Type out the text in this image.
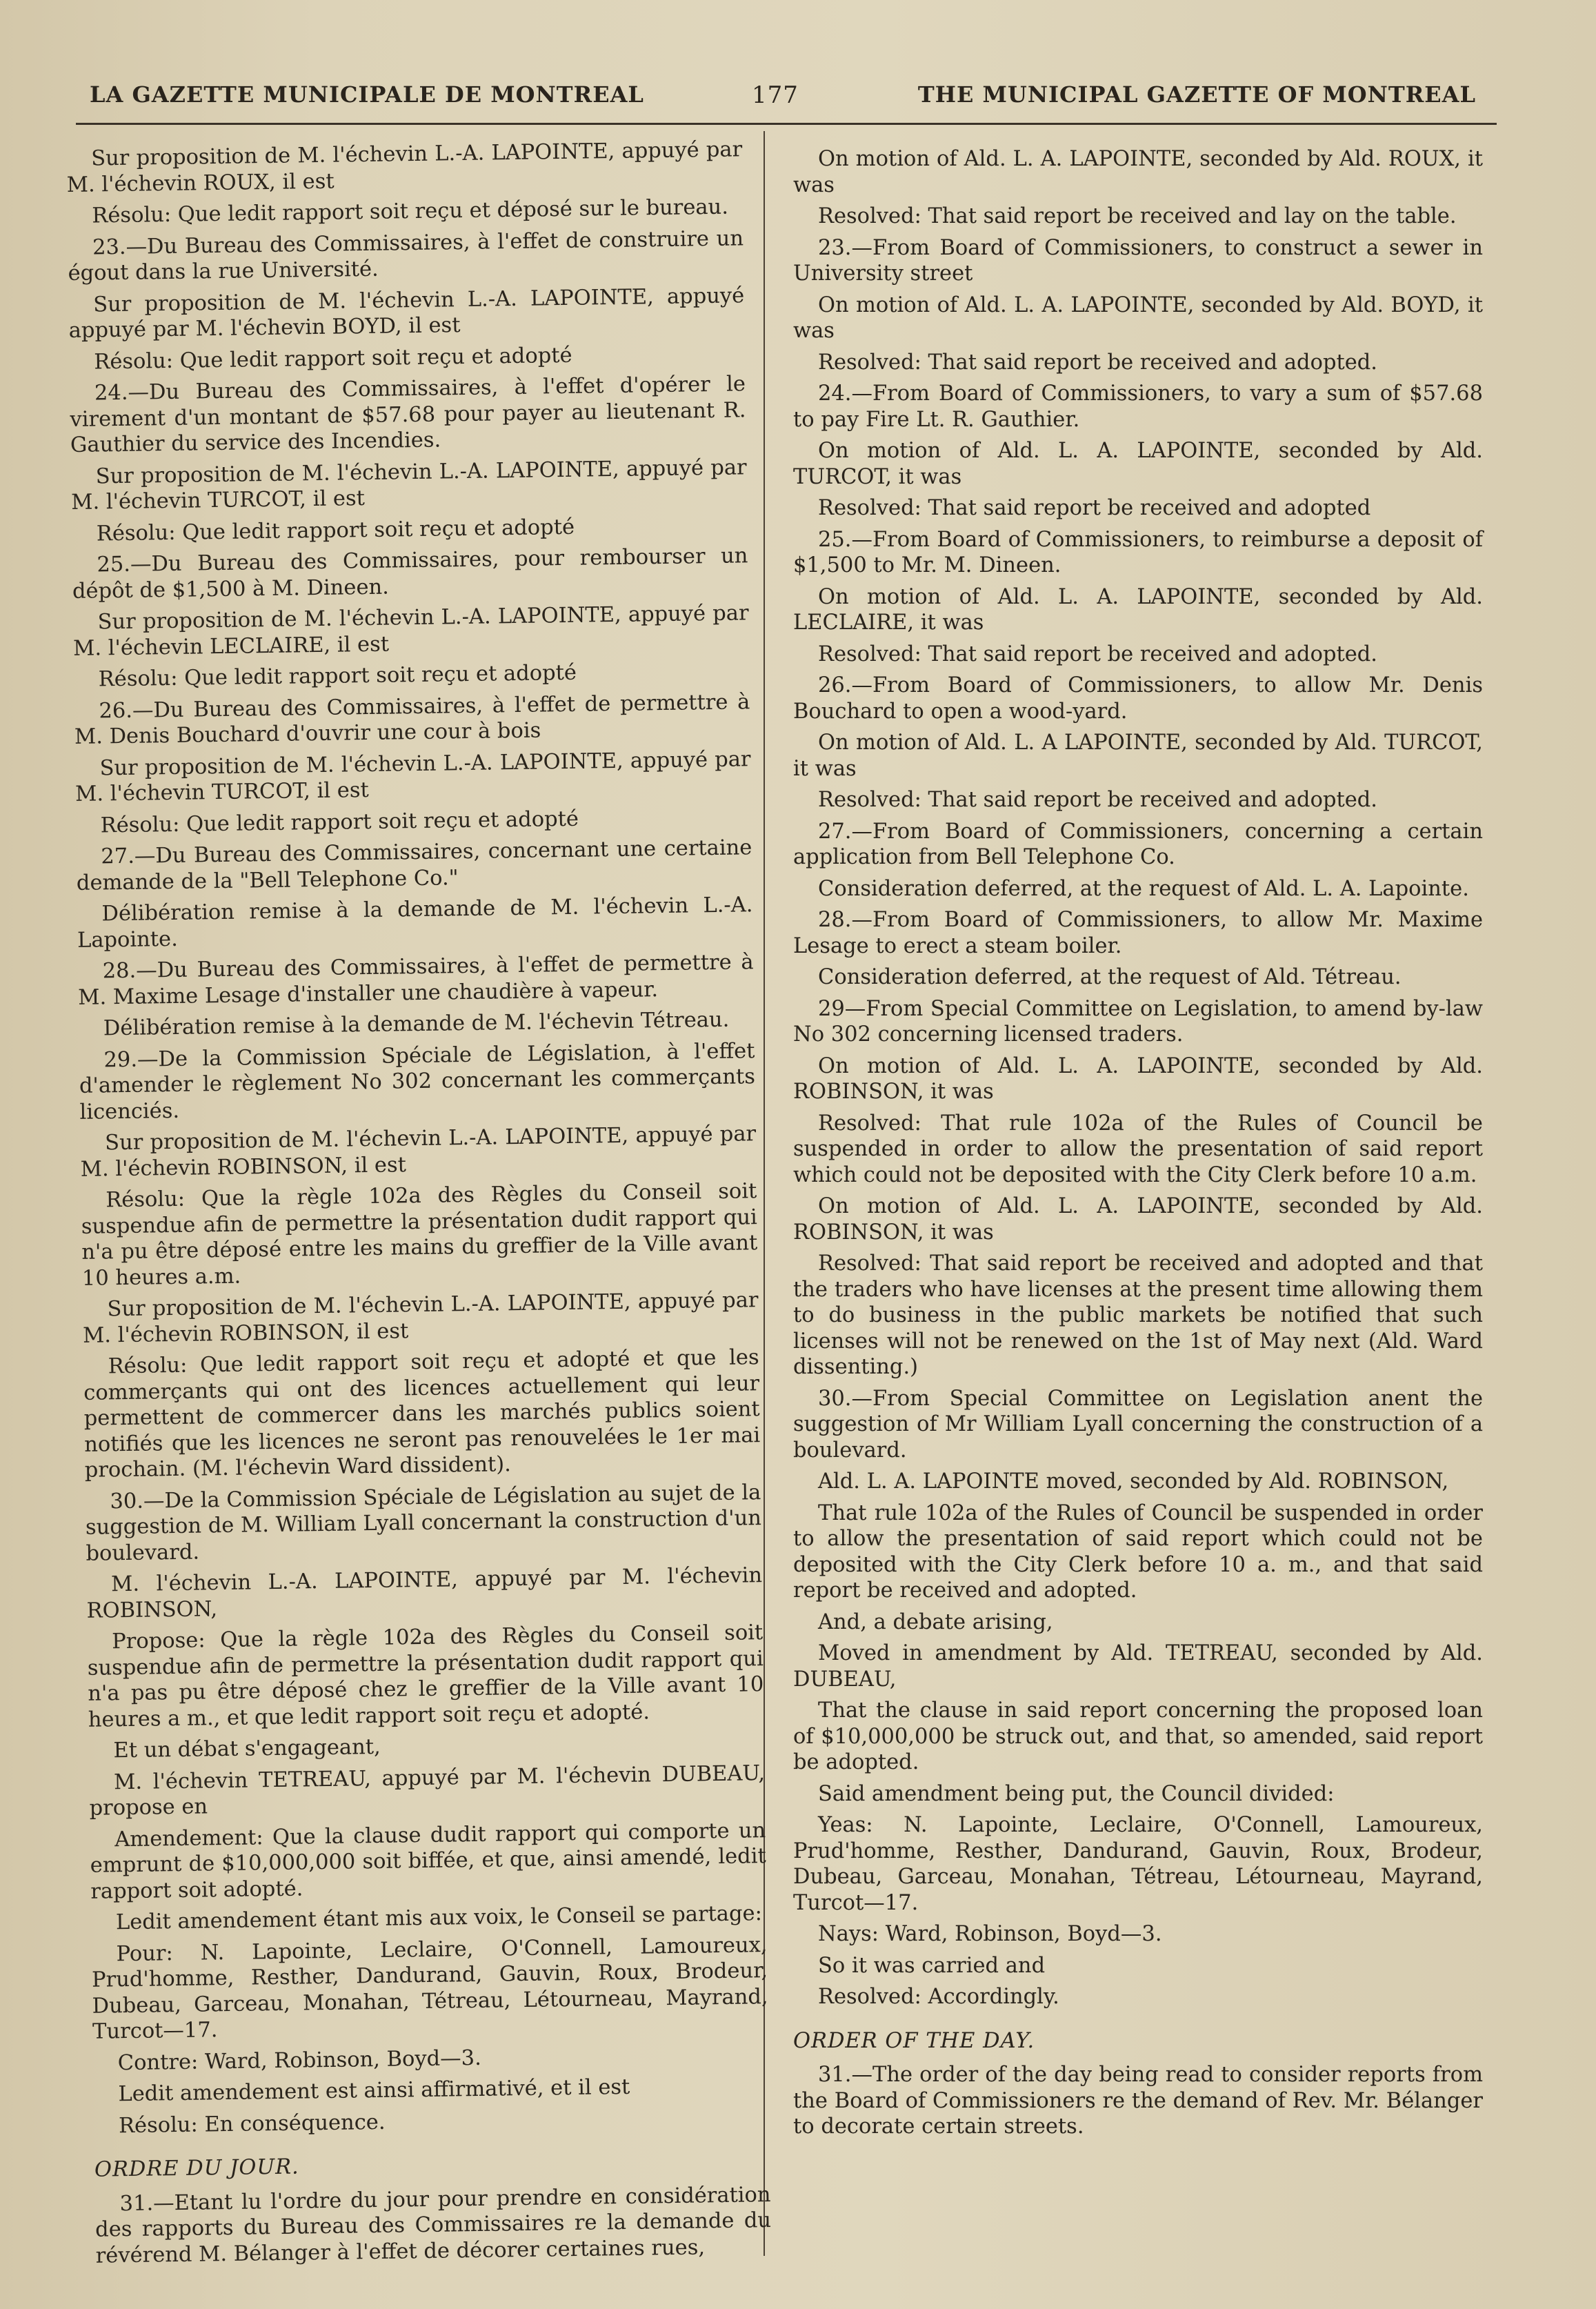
LA GAZETTE MUNICIPALE DE MONTREAL	177	THE MUNICIPAL GAZETTE OF MONTREAL

Sur proposition de M. l'échevin L.-A. LAPOINTE, appuyé par M. l'échevin ROUX, il est

Résolu: Que ledit rapport soit reçu et déposé sur le bureau.

23.—Du Bureau des Commissaires, à l'effet de construire un égout dans la rue Université.

Sur proposition de M. l'échevin L.-A. LAPOINTE, appuyé appuyé par M. l'échevin BOYD, il est

Résolu: Que ledit rapport soit reçu et adopté

24.—Du Bureau des Commissaires, à l'effet d'opérer le virement d'un montant de $57.68 pour payer au lieutenant R. Gauthier du service des Incendies.

Sur proposition de M. l'échevin L.-A. LAPOINTE, appuyé par M. l'échevin TURCOT, il est

Résolu: Que ledit rapport soit reçu et adopté

25.—Du Bureau des Commissaires, pour rembourser un dépôt de $1,500 à M. Dineen.

Sur proposition de M. l'échevin L.-A. LAPOINTE, appuyé par M. l'échevin LECLAIRE, il est

Résolu: Que ledit rapport soit reçu et adopté

26.—Du Bureau des Commissaires, à l'effet de permettre à M. Denis Bouchard d'ouvrir une cour à bois

Sur proposition de M. l'échevin L.-A. LAPOINTE, appuyé par M. l'échevin TURCOT, il est

Résolu: Que ledit rapport soit reçu et adopté

27.—Du Bureau des Commissaires, concernant une certaine demande de la "Bell Telephone Co."

Délibération remise à la demande de M. l'échevin L.-A. Lapointe.

28.—Du Bureau des Commissaires, à l'effet de permettre à M. Maxime Lesage d'installer une chaudière à vapeur.

Délibération remise à la demande de M. l'échevin Tétreau.

29.—De la Commission Spéciale de Législation, à l'effet d'amender le règlement No 302 concernant les commerçants licenciés.

Sur proposition de M. l'échevin L.-A. LAPOINTE, appuyé par M. l'échevin ROBINSON, il est

Résolu: Que la règle 102a des Règles du Conseil soit suspendue afin de permettre la présentation dudit rapport qui n'a pu être déposé entre les mains du greffier de la Ville avant 10 heures a.m.

Sur proposition de M. l'échevin L.-A. LAPOINTE, appuyé par M. l'échevin ROBINSON, il est

Résolu: Que ledit rapport soit reçu et adopté et que les commerçants qui ont des licences actuellement qui leur permettent de commercer dans les marchés publics soient notifiés que les licences ne seront pas renouvelées le 1er mai prochain. (M. l'échevin Ward dissident).

30.—De la Commission Spéciale de Législation au sujet de la suggestion de M. William Lyall concernant la construction d'un boulevard.

M. l'échevin L.-A. LAPOINTE, appuyé par M. l'échevin ROBINSON,

Propose: Que la règle 102a des Règles du Conseil soit suspendue afin de permettre la présentation dudit rapport qui n'a pas pu être déposé chez le greffier de la Ville avant 10 heures a m., et que ledit rapport soit reçu et adopté.

Et un débat s'engageant,

M. l'échevin TETREAU, appuyé par M. l'échevin DUBEAU, propose en

Amendement: Que la clause dudit rapport qui comporte un emprunt de $10,000,000 soit biffée, et que, ainsi amendé, ledit rapport soit adopté.

Ledit amendement étant mis aux voix, le Conseil se partage:

Pour: N. Lapointe, Leclaire, O'Connell, Lamoureux, Prud'homme, Resther, Dandurand, Gauvin, Roux, Brodeur, Dubeau, Garceau, Monahan, Tétreau, Létourneau, Mayrand, Turcot—17.

Contre: Ward, Robinson, Boyd—3.

Ledit amendement est ainsi affirmativé, et il est

Résolu: En conséquence.

ORDRE DU JOUR.

31.—Etant lu l'ordre du jour pour prendre en considération des rapports du Bureau des Commissaires re la demande du révérend M. Bélanger à l'effet de décorer certaines rues,

On motion of Ald. L. A. LAPOINTE, seconded by Ald. ROUX, it was

Resolved: That said report be received and lay on the table.

23.—From Board of Commissioners, to construct a sewer in University street

On motion of Ald. L. A. LAPOINTE, seconded by Ald. BOYD, it was

Resolved: That said report be received and adopted.

24.—From Board of Commissioners, to vary a sum of $57.68 to pay Fire Lt. R. Gauthier.

On motion of Ald. L. A. LAPOINTE, seconded by Ald. TURCOT, it was

Resolved: That said report be received and adopted

25.—From Board of Commissioners, to reimburse a deposit of $1,500 to Mr. M. Dineen.

On motion of Ald. L. A. LAPOINTE, seconded by Ald. LECLAIRE, it was

Resolved: That said report be received and adopted.

26.—From Board of Commissioners, to allow Mr. Denis Bouchard to open a wood-yard.

On motion of Ald. L. A LAPOINTE, seconded by Ald. TURCOT, it was

Resolved: That said report be received and adopted.

27.—From Board of Commissioners, concerning a certain application from Bell Telephone Co.

Consideration deferred, at the request of Ald. L. A. Lapointe.

28.—From Board of Commissioners, to allow Mr. Maxime Lesage to erect a steam boiler.

Consideration deferred, at the request of Ald. Tétreau.

29—From Special Committee on Legislation, to amend by-law No 302 concerning licensed traders.

On motion of Ald. L. A. LAPOINTE, seconded by Ald. ROBINSON, it was

Resolved: That rule 102a of the Rules of Council be suspended in order to allow the presentation of said report which could not be deposited with the City Clerk before 10 a.m.

On motion of Ald. L. A. LAPOINTE, seconded by Ald. ROBINSON, it was

Resolved: That said report be received and adopted and that the traders who have licenses at the present time allowing them to do business in the public markets be notified that such licenses will not be renewed on the 1st of May next (Ald. Ward dissenting.)

30.—From Special Committee on Legislation anent the suggestion of Mr William Lyall concerning the construction of a boulevard.

Ald. L. A. LAPOINTE moved, seconded by Ald. ROBINSON,

That rule 102a of the Rules of Council be suspended in order to allow the presentation of said report which could not be deposited with the City Clerk before 10 a. m., and that said report be received and adopted.

And, a debate arising,

Moved in amendment by Ald. TETREAU, seconded by Ald. DUBEAU,

That the clause in said report concerning the proposed loan of $10,000,000 be struck out, and that, so amended, said report be adopted.

Said amendment being put, the Council divided:

Yeas: N. Lapointe, Leclaire, O'Connell, Lamoureux, Prud'homme, Resther, Dandurand, Gauvin, Roux, Brodeur, Dubeau, Garceau, Monahan, Tétreau, Létourneau, Mayrand, Turcot—17.

Nays: Ward, Robinson, Boyd—3.

So it was carried and

Resolved: Accordingly.

ORDER OF THE DAY.

31.—The order of the day being read to consider reports from the Board of Commissioners re the demand of Rev. Mr. Bélanger to decorate certain streets.
